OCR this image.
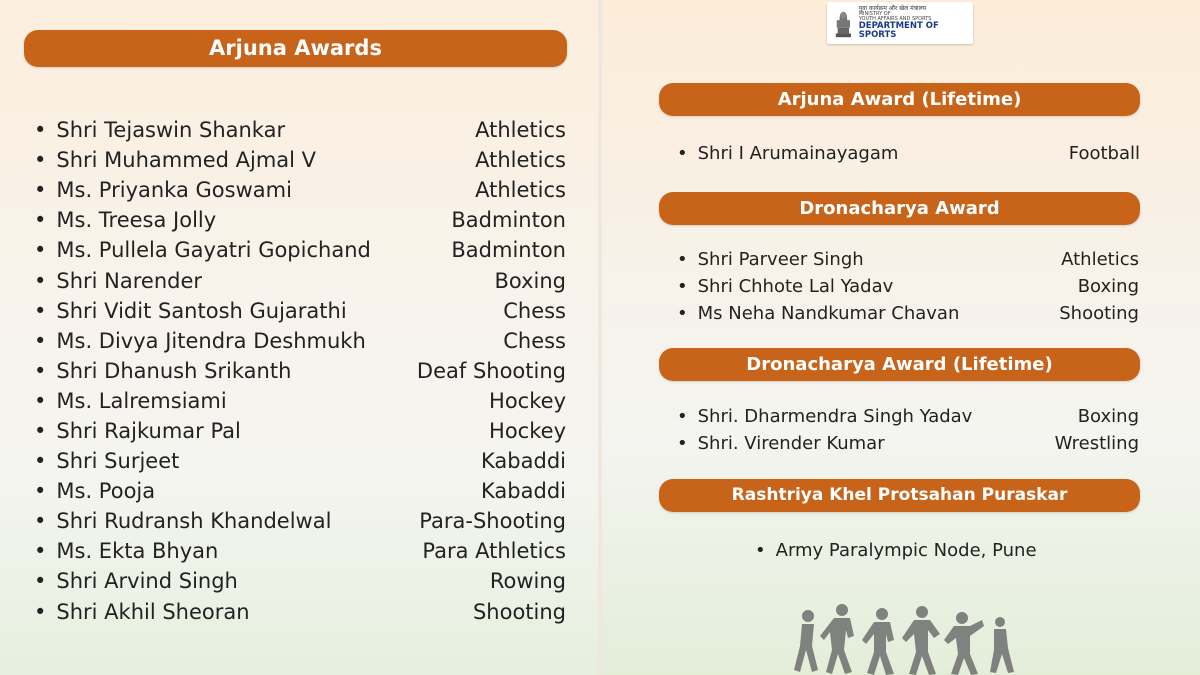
युवा कार्यक्रम और खेल मंत्रालय
MINISTRY OF
YOUTH AFFAIRS AND SPORTS
DEPARTMENT OF SPORTS
Arjuna Awards
• Shri Tejaswin Shankar	Athletics
• Shri Muhammed Ajmal V	Athletics
• Ms. Priyanka Goswami	Athletics
• Ms. Treesa Jolly	Badminton
• Ms. Pullela Gayatri Gopichand	Badminton
• Shri Narender	Boxing
• Shri Vidit Santosh Gujarathi	Chess
• Ms. Divya Jitendra Deshmukh	Chess
• Shri Dhanush Srikanth	Deaf Shooting
• Ms. Lalremsiami	Hockey
• Shri Rajkumar Pal	Hockey
• Shri Surjeet	Kabaddi
• Ms. Pooja	Kabaddi
• Shri Rudransh Khandelwal	Para-Shooting
• Ms. Ekta Bhyan	Para Athletics
• Shri Arvind Singh	Rowing
• Shri Akhil Sheoran	Shooting
Arjuna Award (Lifetime)
• Shri I Arumainayagam	Football
Dronacharya Award
• Shri Parveer Singh	Athletics
• Shri Chhote Lal Yadav	Boxing
• Ms Neha Nandkumar Chavan	Shooting
Dronacharya Award (Lifetime)
• Shri. Dharmendra Singh Yadav	Boxing
• Shri. Virender Kumar	Wrestling
Rashtriya Khel Protsahan Puraskar
• Army Paralympic Node, Pune
